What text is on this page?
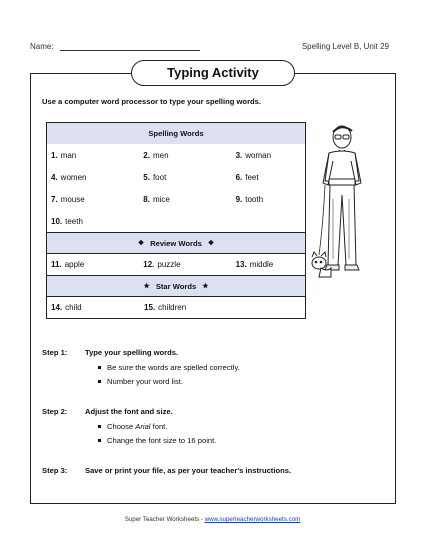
Name:	Spelling Level B, Unit 29
Typing Activity
Use a computer word processor to type your spelling words.
Spelling Words
1. man	2. men	3. woman
4. women	5. foot	6. feet
7. mouse	8. mice	9. tooth
10. teeth
❖ Review Words ❖
11. apple	12. puzzle	13. middle
★ Star Words ★
14. child	15. children
Step 1: Type your spelling words.
Be sure the words are spelled correctly.
Number your word list.
Step 2: Adjust the font and size.
Choose Arial font.
Change the font size to 16 point.
Step 3: Save or print your file, as per your teacher's instructions.
Super Teacher Worksheets - www.superteacherworksheets.com
